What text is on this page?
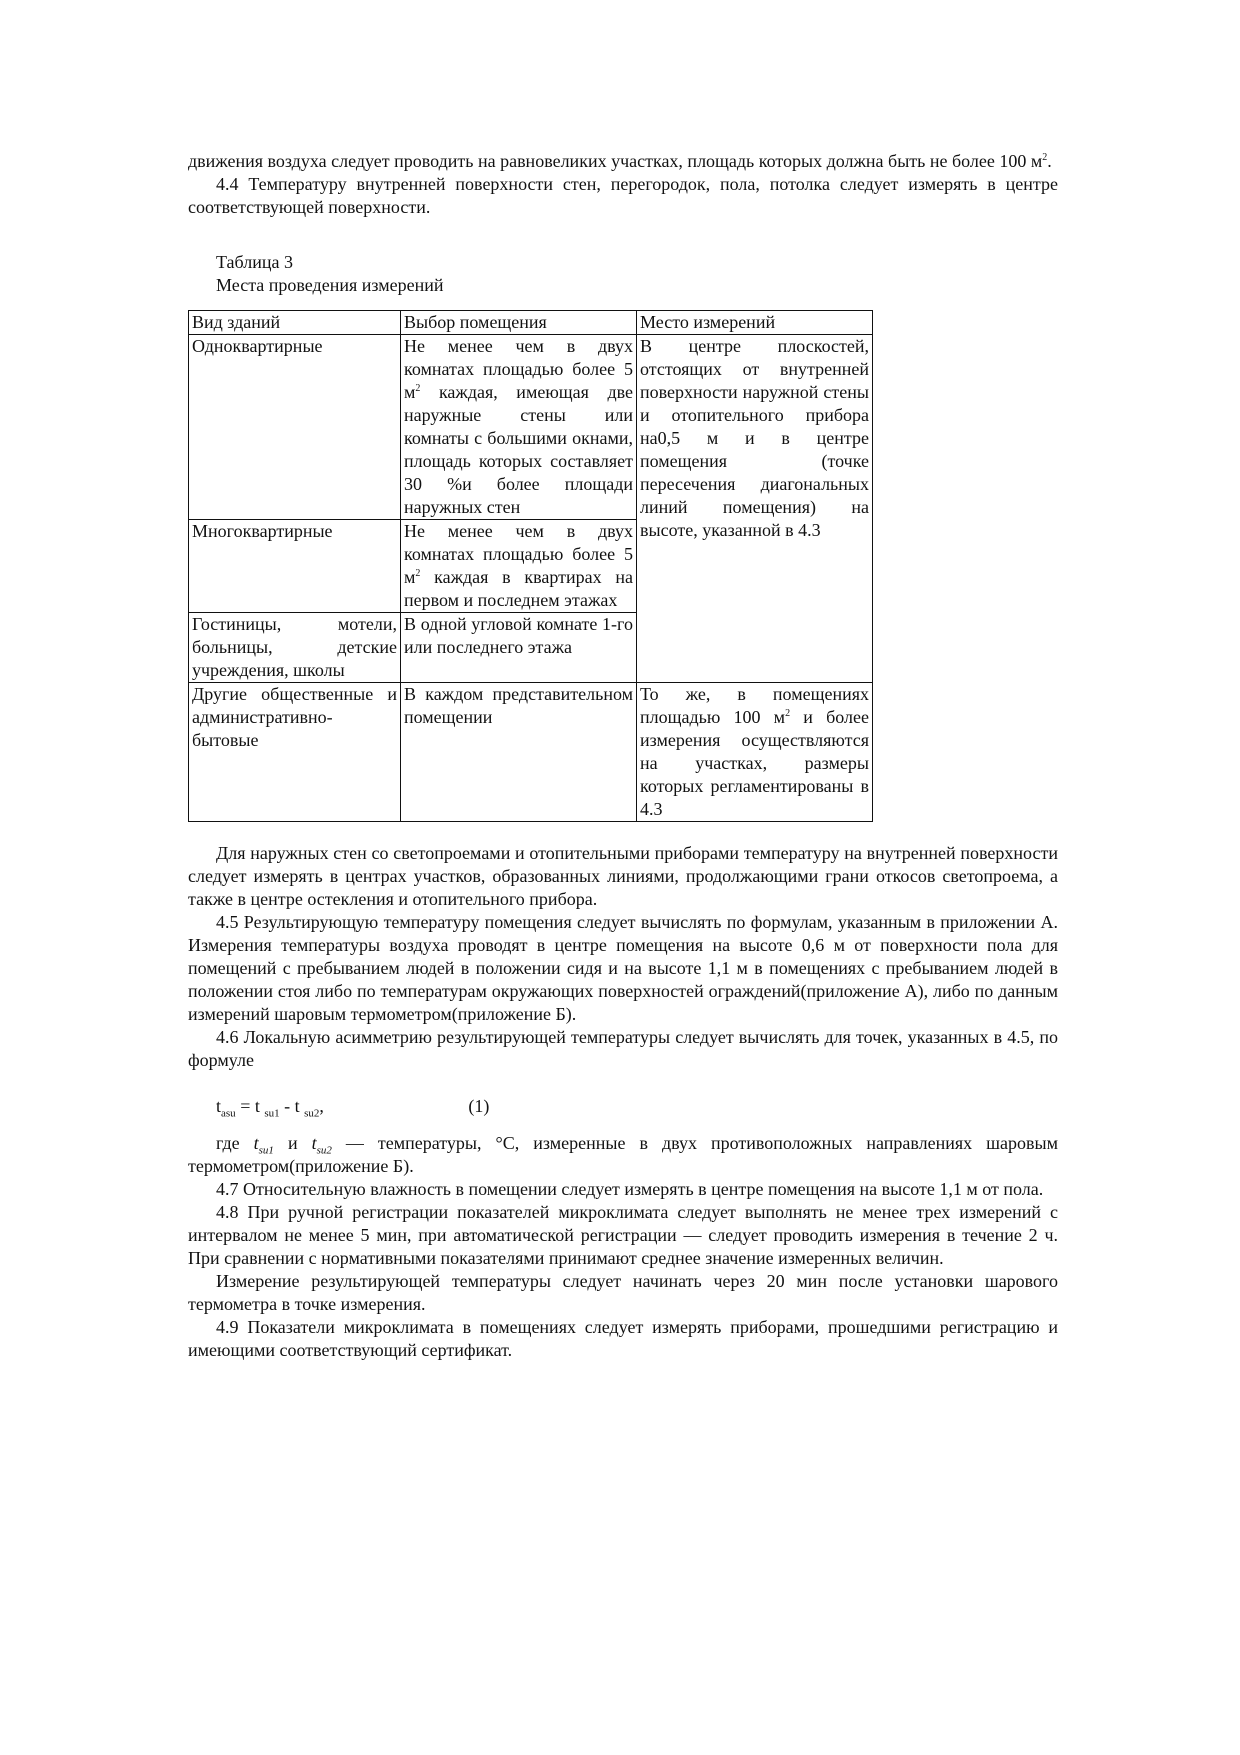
движения воздуха следует проводить на равновеликих участках, площадь которых должна быть не более 100 $м^2$.

4.4 Температуру внутренней поверхности стен, перегородок, пола, потолка следует измерять в центре соответствующей поверхности.

Таблица 3

Места проведения измерений

Вид зданий	Выбор помещения	Место измерений
Одноквартирные	Не менее чем в двух комнатах площадью более 5 $м^2$ каждая, имеющая две наружные стены или комнаты с большими окнами, площадь которых составляет 30 %и более площади наружных стен	В центре плоскостей, отстоящих от внутренней поверхности наружной стены и отопительного прибора на0,5 м и в центре помещения (точке пересечения диагональных линий помещения) на высоте, указанной в 4.3
Многоквартирные	Не менее чем в двух комнатах площадью более 5 $м^2$ каждая в квартирах на первом и последнем этажах	
Гостиницы, мотели, больницы, детские учреждения, школы	В одной угловой комнате 1-го или последнего этажа	
Другие общественные и административно-бытовые	В каждом представительном помещении	То же, в помещениях площадью 100 $м^2$ и более измерения осуществляются на участках, размеры которых регламентированы в 4.3

Для наружных стен со светопроемами и отопительными приборами температуру на внутренней поверхности следует измерять в центрах участков, образованных линиями, продолжающими грани откосов светопроема, а также в центре остекления и отопительного прибора.

4.5 Результирующую температуру помещения следует вычислять по формулам, указанным в приложении А. Измерения температуры воздуха проводят в центре помещения на высоте 0,6 м от поверхности пола для помещений с пребыванием людей в положении сидя и на высоте 1,1 м в помещениях с пребыванием людей в положении стоя либо по температурам окружающих поверхностей ограждений(приложение А), либо по данным измерений шаровым термометром(приложение Б).

4.6 Локальную асимметрию результирующей температуры следует вычислять для точек, указанных в 4.5, по формуле

$t_{asu} = t$ $_{su1}$ - t $_{su2}$,	(1)

где $t_{su1}$ и $t_{su2}$ — температуры, °С, измеренные в двух противоположных направлениях шаровым термометром(приложение Б).

4.7 Относительную влажность в помещении следует измерять в центре помещения на высоте 1,1 м от пола.

4.8 При ручной регистрации показателей микроклимата следует выполнять не менее трех измерений с интервалом не менее 5 мин, при автоматической регистрации — следует проводить измерения в течение 2 ч. При сравнении с нормативными показателями принимают среднее значение измеренных величин.

Измерение результирующей температуры следует начинать через 20 мин после установки шарового термометра в точке измерения.

4.9 Показатели микроклимата в помещениях следует измерять приборами, прошедшими регистрацию и имеющими соответствующий сертификат.
